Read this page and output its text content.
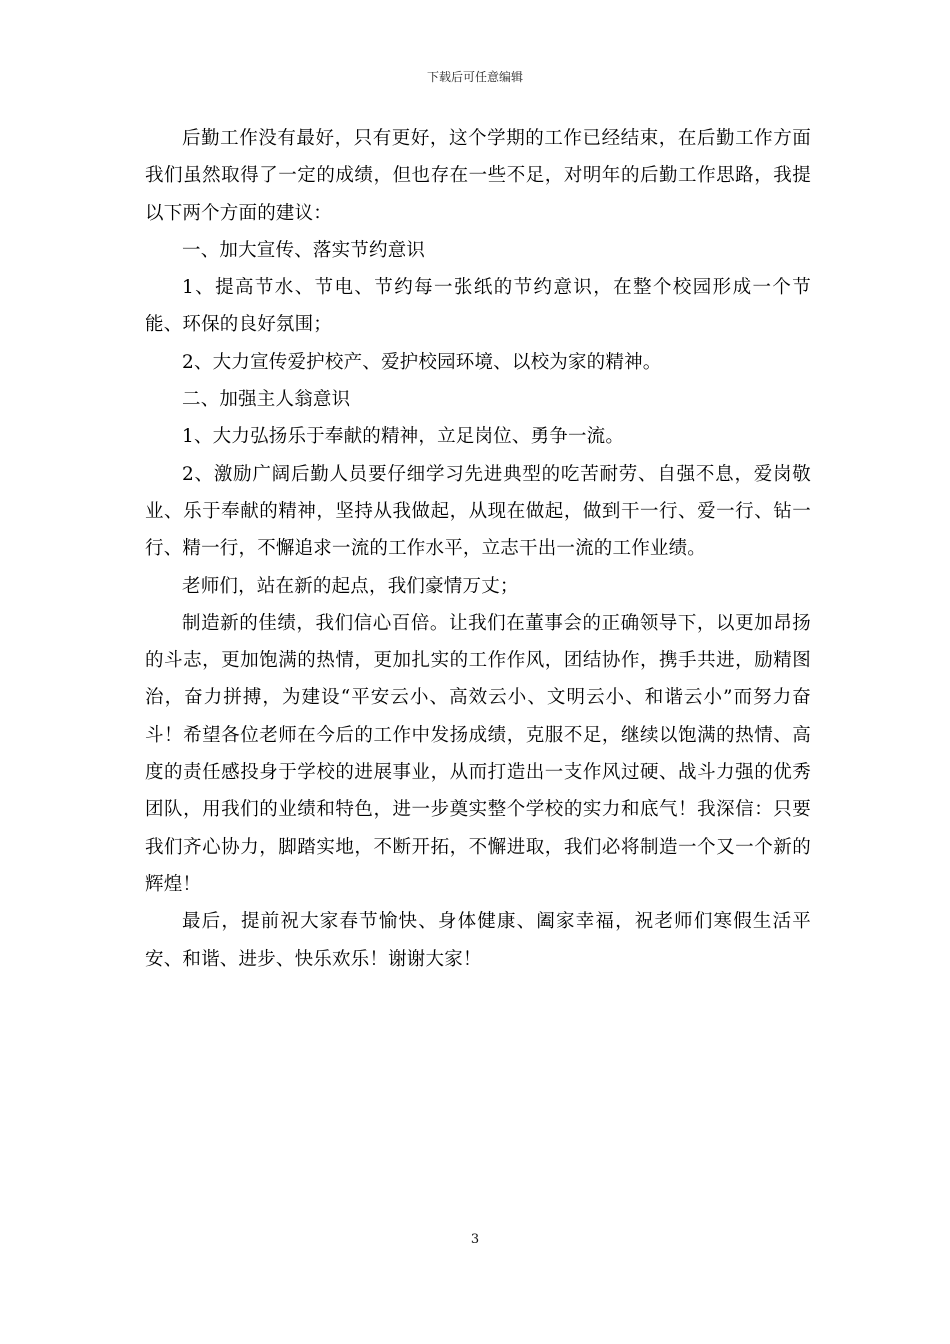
下载后可任意编辑

后勤工作没有最好，只有更好，这个学期的工作已经结束，在后勤工作方面我们虽然取得了一定的成绩，但也存在一些不足，对明年的后勤工作思路，我提以下两个方面的建议：

一、加大宣传、落实节约意识

1、提高节水、节电、节约每一张纸的节约意识，在整个校园形成一个节能、环保的良好氛围；

2、大力宣传爱护校产、爱护校园环境、以校为家的精神。

二、加强主人翁意识

1、大力弘扬乐于奉献的精神，立足岗位、勇争一流。

2、激励广阔后勤人员要仔细学习先进典型的吃苦耐劳、自强不息，爱岗敬业、乐于奉献的精神，坚持从我做起，从现在做起，做到干一行、爱一行、钻一行、精一行，不懈追求一流的工作水平，立志干出一流的工作业绩。

老师们，站在新的起点，我们豪情万丈；

制造新的佳绩，我们信心百倍。让我们在董事会的正确领导下，以更加昂扬的斗志，更加饱满的热情，更加扎实的工作作风，团结协作，携手共进，励精图治，奋力拼搏，为建设“平安云小、高效云小、文明云小、和谐云小”而努力奋斗！希望各位老师在今后的工作中发扬成绩，克服不足，继续以饱满的热情、高度的责任感投身于学校的进展事业，从而打造出一支作风过硬、战斗力强的优秀团队，用我们的业绩和特色，进一步奠实整个学校的实力和底气！我深信：只要我们齐心协力，脚踏实地，不断开拓，不懈进取，我们必将制造一个又一个新的辉煌！

最后，提前祝大家春节愉快、身体健康、阖家幸福，祝老师们寒假生活平安、和谐、进步、快乐欢乐！谢谢大家！

3
